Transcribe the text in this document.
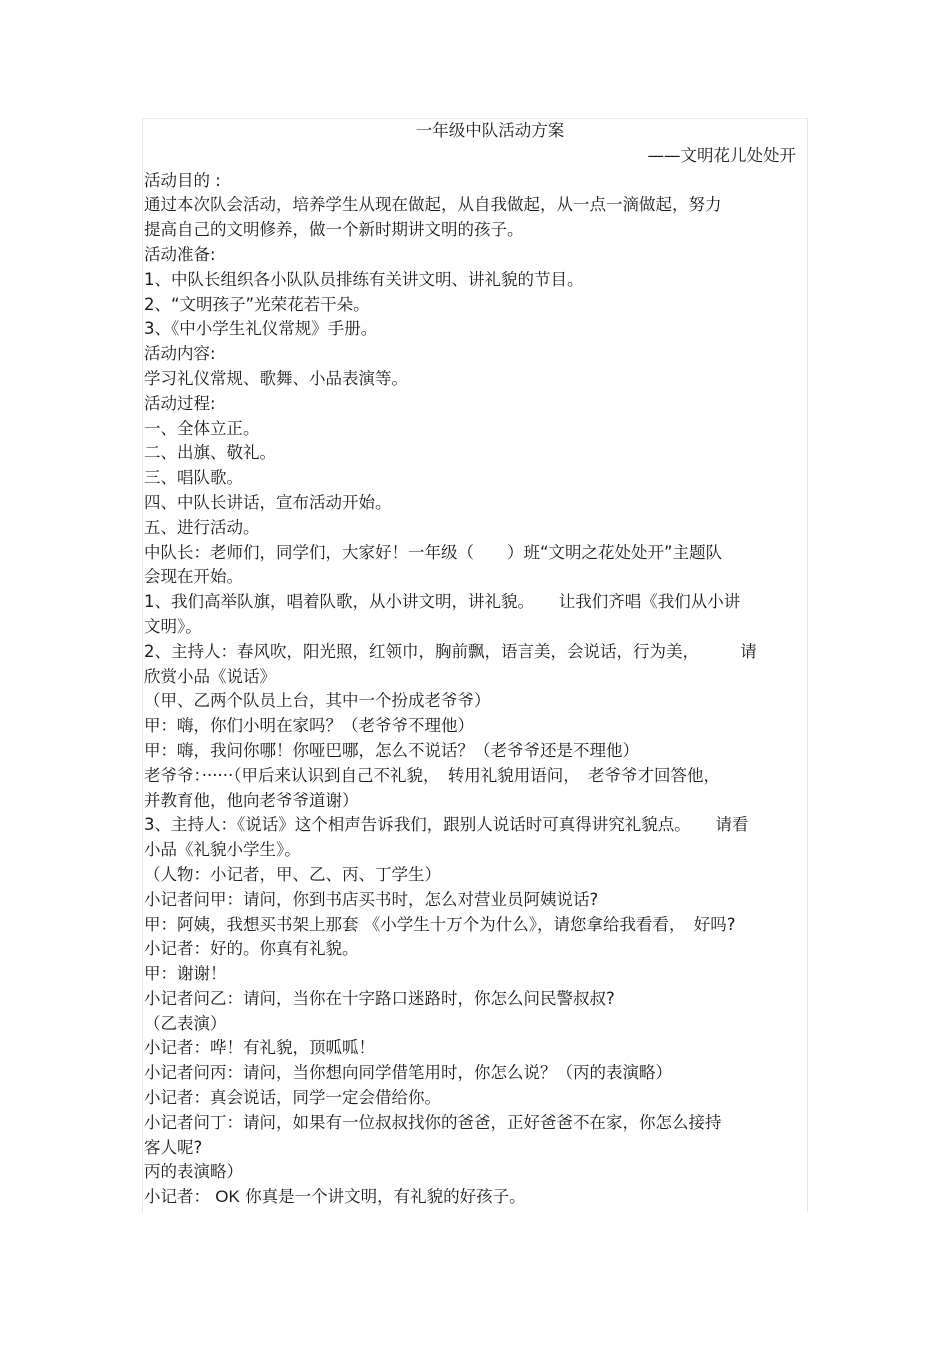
一年级中队活动方案
——文明花儿处处开
活动目的 :
通过本次队会活动，培养学生从现在做起，从自我做起，从一点一滴做起，努力
提高自己的文明修养，做一个新时期讲文明的孩子。
活动准备:
1、中队长组织各小队队员排练有关讲文明、讲礼貌的节目。
2、“文明孩子”光荣花若干朵。
3、《中小学生礼仪常规》手册。
活动内容:
学习礼仪常规、歌舞、小品表演等。
活动过程:
一、全体立正。
二、出旗、敬礼。
三、唱队歌。
四、中队长讲话，宣布活动开始。
五、进行活动。
中队长：老师们，同学们，大家好！一年级（　　）班“文明之花处处开”主题队
会现在开始。
1、我们高举队旗，唱着队歌，从小讲文明，讲礼貌。　　让我们齐唱《我们从小讲
文明》。
2、主持人：春风吹，阳光照，红领巾，胸前飘，语言美，会说话，行为美，　　　请
欣赏小品《说话》
（甲、乙两个队员上台，其中一个扮成老爷爷）
甲：嗨，你们小明在家吗？（老爷爷不理他）
甲：嗨，我问你哪！你哑巴哪，怎么不说话？（老爷爷还是不理他）
老爷爷：······（甲后来认识到自己不礼貌，　转用礼貌用语问，　老爷爷才回答他，
并教育他，他向老爷爷道谢）
3、主持人：《说话》这个相声告诉我们，跟别人说话时可真得讲究礼貌点。　　请看
小品《礼貌小学生》。
（人物：小记者，甲、乙、丙、丁学生）
小记者问甲：请问，你到书店买书时，怎么对营业员阿姨说话?
甲：阿姨，我想买书架上那套 《小学生十万个为什么》，请您拿给我看看，　好吗?
小记者：好的。你真有礼貌。
甲：谢谢！
小记者问乙：请问，当你在十字路口迷路时，你怎么问民警叔叔?
（乙表演）
小记者：哗！有礼貌，顶呱呱！
小记者问丙：请问，当你想向同学借笔用时，你怎么说？（丙的表演略）
小记者：真会说话，同学一定会借给你。
小记者问丁：请问，如果有一位叔叔找你的爸爸，正好爸爸不在家，你怎么接持
客人呢?
丙的表演略）
小记者： OK 你真是一个讲文明，有礼貌的好孩子。
